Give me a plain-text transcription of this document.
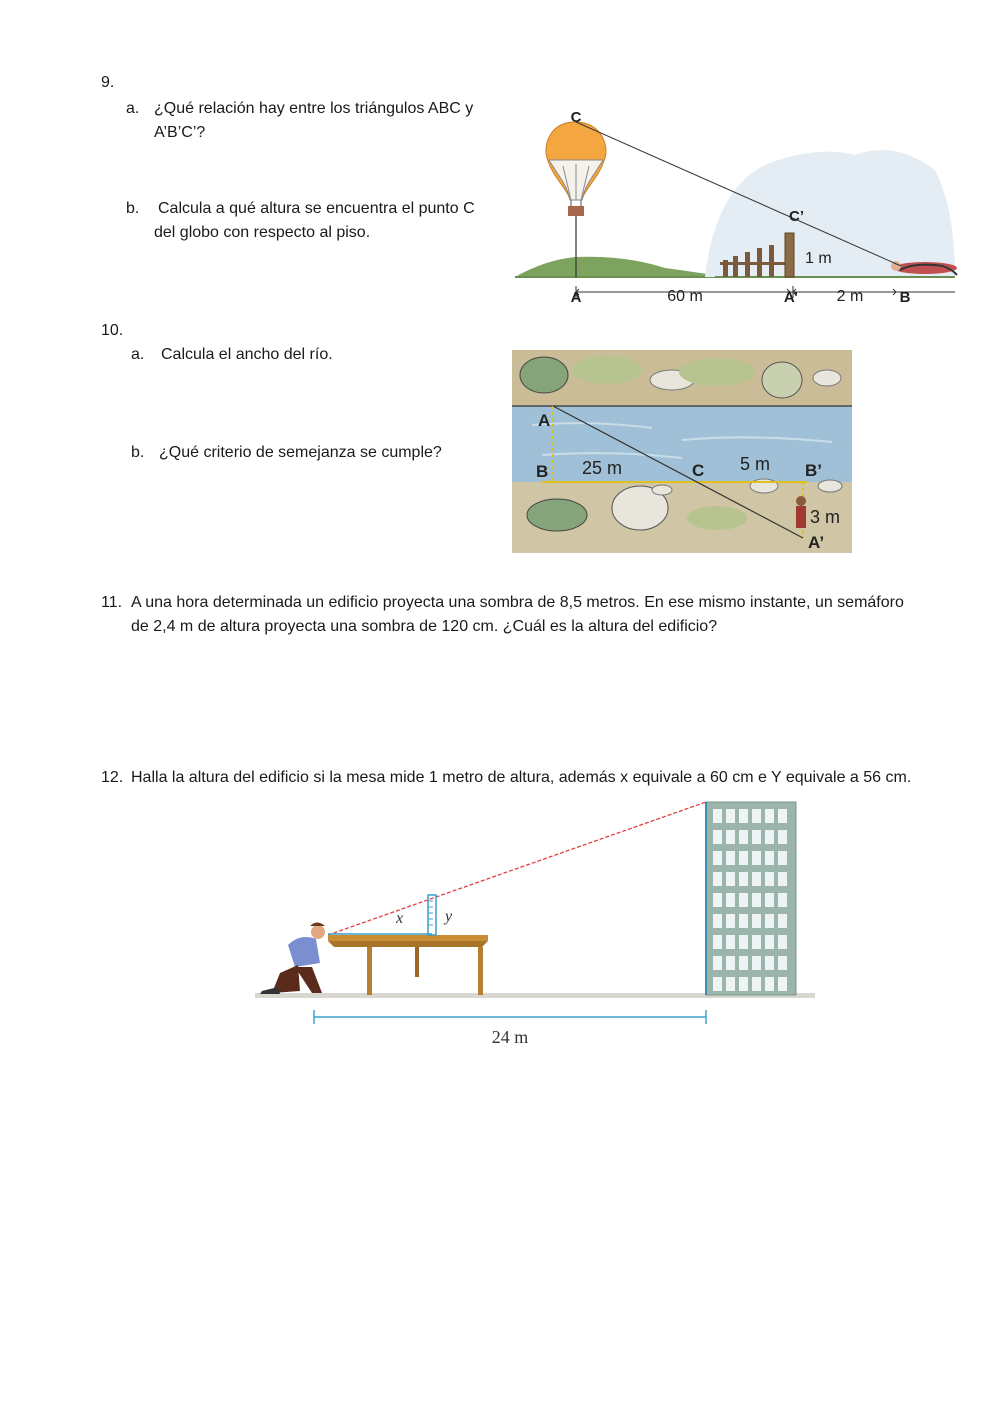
9.
a. ¿Qué relación hay entre los triángulos ABC y
A’B’C’?
b. Calcula a qué altura se encuentra el punto C
del globo con respecto al piso.
C
C’
A	A’	B
60 m	2 m
1 m
10.
a. Calcula el ancho del río.
b. ¿Qué criterio de semejanza se cumple?
A
B	C	B’
A’
25 m	5 m
3 m
11. A una hora determinada un edificio proyecta una sombra de 8,5 metros. En ese mismo instante, un semáforo
de 2,4 m de altura proyecta una sombra de 120 cm. ¿Cuál es la altura del edificio?
12. Halla la altura del edificio si la mesa mide 1 metro de altura, además x equivale a 60 cm e Y equivale a 56 cm.
x	y
24 m
